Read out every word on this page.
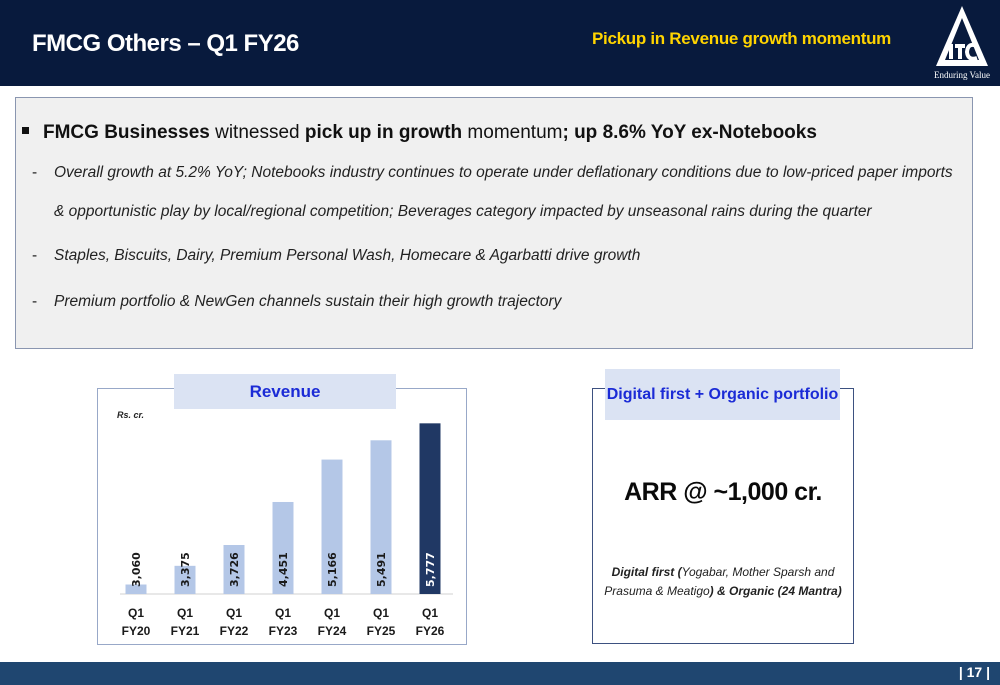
FMCG Others – Q1 FY26	Pickup in Revenue growth momentum
Enduring Value
FMCG Businesses witnessed pick up in growth momentum; up 8.6% YoY ex-Notebooks
- Overall growth at 5.2% YoY; Notebooks industry continues to operate under deflationary conditions due to low-priced paper imports
& opportunistic play by local/regional competition; Beverages category impacted by unseasonal rains during the quarter
- Staples, Biscuits, Dairy, Premium Personal Wash, Homecare & Agarbatti drive growth
- Premium portfolio & NewGen channels sustain their high growth trajectory
3,060
Q1
FY20
3,375
Q1
FY21
3,726
Q1
FY22
4,451
Q1
FY23
5,166
Q1
FY24
5,491
Q1
FY25
5,777
Q1
FY26
Revenue
Rs. cr.
Digital first + Organic portfolio
ARR @ ~1,000 cr.
Digital first (Yogabar, Mother Sparsh and Prasuma & Meatigo) & Organic (24 Mantra)
| 17 |
